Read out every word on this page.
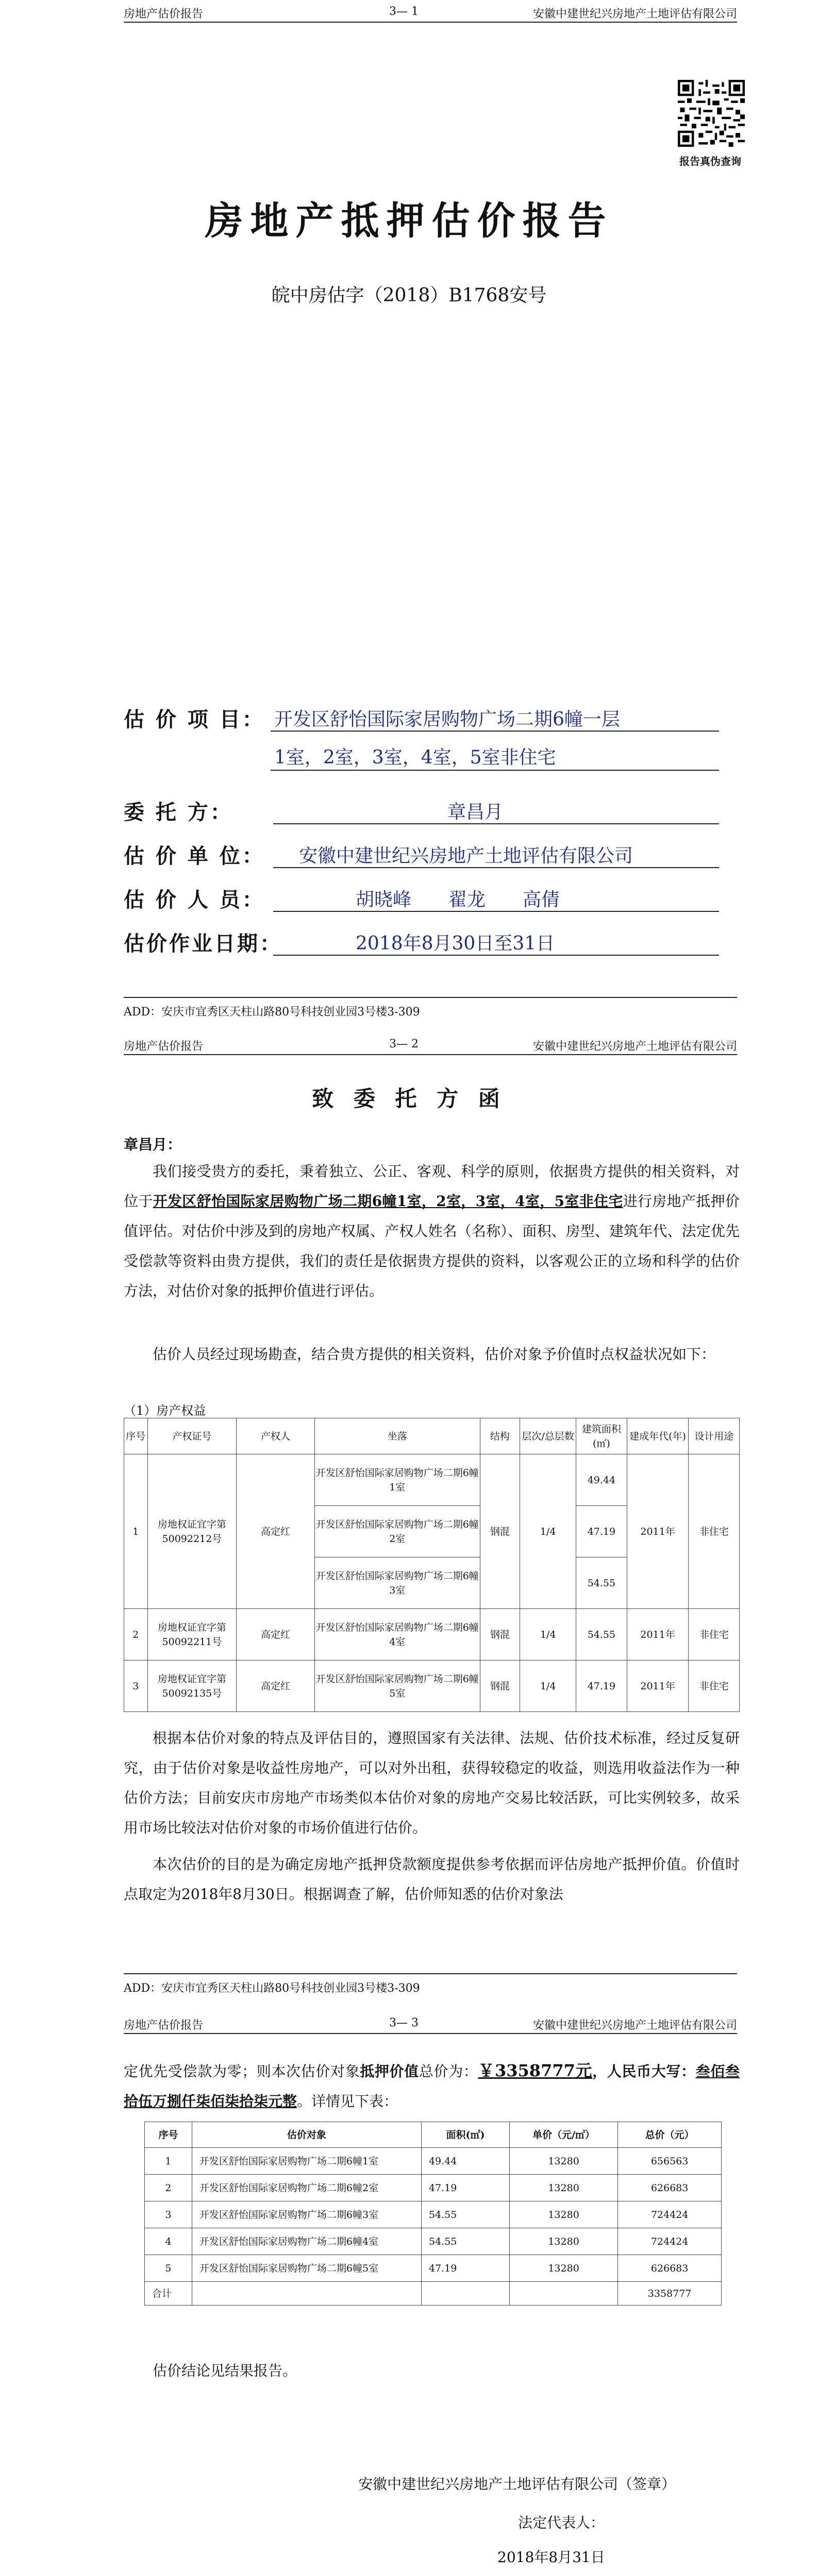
房地产估价报告	3— 1	安徽中建世纪兴房地产土地评估有限公司
报告真伪查询
房地产抵押估价报告
皖中房估字（2018）B1768安号
估 价 项 目： 开发区舒怡国际家居购物广场二期6幢一层
1室，2室，3室，4室，5室非住宅
委 托 方：	章昌月
估 价 单 位： 安徽中建世纪兴房地产土地评估有限公司
估 价 人 员：	胡晓峰　　翟龙　　高倩
估价作业日期：	2018年8月30日至31日
ADD：安庆市宜秀区天柱山路80号科技创业园3号楼3-309
房地产估价报告	3— 2	安徽中建世纪兴房地产土地评估有限公司
致 委 托 方 函
章昌月：
我们接受贵方的委托，秉着独立、公正、客观、科学的原则，依据贵方提供的相关资料，对位于开发区舒怡国际家居购物广场二期6幢1室，2室，3室，4室，5室非住宅进行房地产抵押价值评估。对估价中涉及到的房地产权属、产权人姓名（名称）、面积、房型、建筑年代、法定优先受偿款等资料由贵方提供，我们的责任是依据贵方提供的资料，以客观公正的立场和科学的估价方法，对估价对象的抵押价值进行评估。
估价人员经过现场勘查，结合贵方提供的相关资料，估价对象予价值时点权益状况如下：
（1）房产权益
序号	产权证号	产权人	坐落	结构	层次/总层数	建筑面积(㎡)	建成年代(年)	设计用途
1	房地权证宜字第50092212号	高定红	开发区舒怡国际家居购物广场二期6幢1室	钢混	1/4	49.44	2011年	非住宅
			开发区舒怡国际家居购物广场二期6幢2室			47.19		
			开发区舒怡国际家居购物广场二期6幢3室			54.55		
2	房地权证宜字第50092211号	高定红	开发区舒怡国际家居购物广场二期6幢4室	钢混	1/4	54.55	2011年	非住宅
3	房地权证宜字第50092135号	高定红	开发区舒怡国际家居购物广场二期6幢5室	钢混	1/4	47.19	2011年	非住宅
根据本估价对象的特点及评估目的，遵照国家有关法律、法规、估价技术标准，经过反复研究，由于估价对象是收益性房地产，可以对外出租，获得较稳定的收益，则选用收益法作为一种估价方法；目前安庆市房地产市场类似本估价对象的房地产交易比较活跃，可比实例较多，故采用市场比较法对估价对象的市场价值进行估价。
本次估价的目的是为确定房地产抵押贷款额度提供参考依据而评估房地产抵押价值。价值时点取定为2018年8月30日。根据调查了解，估价师知悉的估价对象法
ADD：安庆市宜秀区天柱山路80号科技创业园3号楼3-309
房地产估价报告	3— 3	安徽中建世纪兴房地产土地评估有限公司
定优先受偿款为零；则本次估价对象抵押价值总价为：￥3358777元，人民币大写：叁佰叁拾伍万捌仟柒佰柒拾柒元整。详情见下表：
序号	估价对象	面积(㎡)	单价（元/㎡）	总价（元）
1	开发区舒怡国际家居购物广场二期6幢1室	49.44	13280	656563
2	开发区舒怡国际家居购物广场二期6幢2室	47.19	13280	626683
3	开发区舒怡国际家居购物广场二期6幢3室	54.55	13280	724424
4	开发区舒怡国际家居购物广场二期6幢4室	54.55	13280	724424
5	开发区舒怡国际家居购物广场二期6幢5室	47.19	13280	626683
合计				3358777
估价结论见结果报告。
安徽中建世纪兴房地产土地评估有限公司（签章）
法定代表人：
2018年8月31日
